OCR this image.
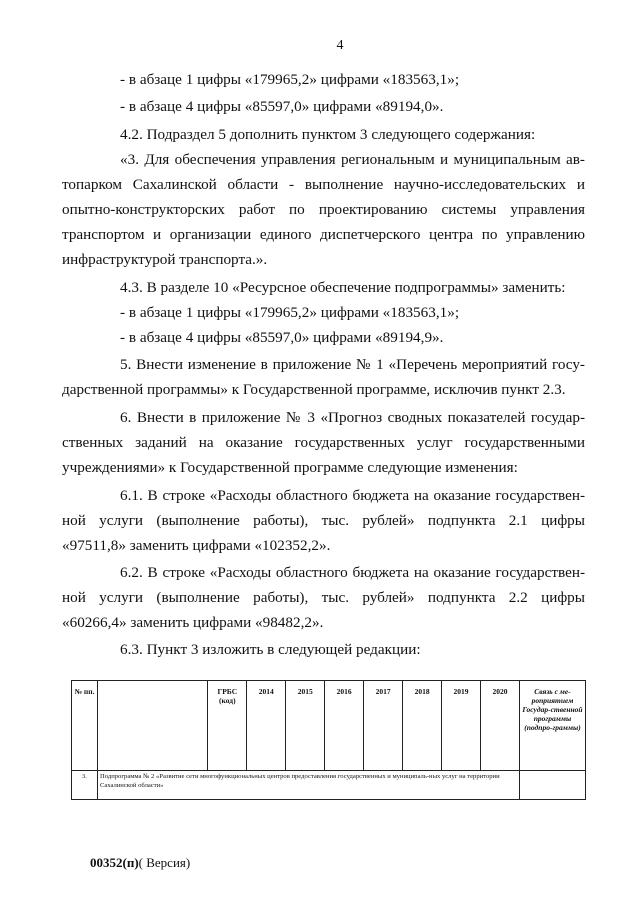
4
- в абзаце 1 цифры «179965,2» цифрами «183563,1»;
- в абзаце 4 цифры «85597,0» цифрами «89194,0».
4.2. Подраздел 5 дополнить пунктом 3 следующего содержания:
«3. Для обеспечения управления региональным и муниципальным ав-
топарком Сахалинской области - выполнение научно-исследовательских и
опытно-конструкторских работ по проектированию системы управления
транспортом и организации единого диспетчерского центра по управлению
инфраструктурой транспорта.».
4.3. В разделе 10 «Ресурсное обеспечение подпрограммы» заменить:
- в абзаце 1 цифры «179965,2» цифрами «183563,1»;
- в абзаце 4 цифры «85597,0» цифрами «89194,9».
5. Внести изменение в приложение № 1 «Перечень мероприятий госу-
дарственной программы» к Государственной программе, исключив пункт 2.3.
6. Внести в приложение № 3 «Прогноз сводных показателей государ-
ственных заданий на оказание государственных услуг государственными
учреждениями» к Государственной программе следующие изменения:
6.1. В строке «Расходы областного бюджета на оказание государствен-
ной услуги (выполнение работы), тыс. рублей» подпункта 2.1 цифры
«97511,8» заменить цифрами «102352,2».
6.2. В строке «Расходы областного бюджета на оказание государствен-
ной услуги (выполнение работы), тыс. рублей» подпункта 2.2 цифры
«60266,4» заменить цифрами «98482,2».
6.3. Пункт 3 изложить в следующей редакции:
№ пп.		ГРБС (код)	2014	2015	2016	2017	2018	2019	2020	Связь с ме-роприятием Государ-ственной программы (подпро-граммы)
3.	Подпрограмма № 2 «Развитие сети многофункциональных центров предоставления государственных и муниципаль-ных услуг на территории Сахалинской области»									
00352(п)( Версия)
